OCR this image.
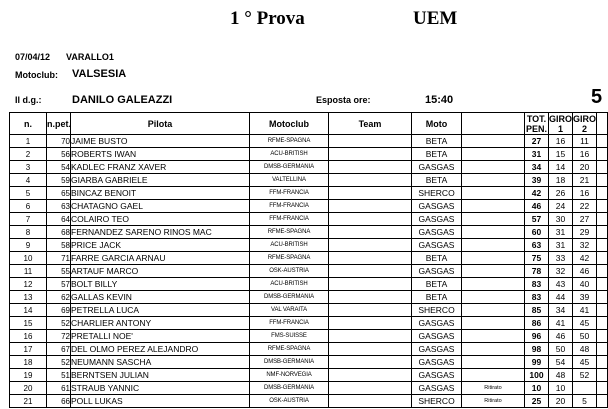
1 ° Prova	UEM
07/04/12 VARALLO1
Motoclub: VALSESIA
Il d.g.:	DANILO GALEAZZI	Esposta ore:	15:40	5
n.	n.pet.	Pilota	Motoclub	Team	Moto		TOT. PEN.	GIRO 1	GIRO 2	
1	70	JAIME BUSTO	RFME-SPAGNA		BETA		27	16	11	
2	56	ROBERTS IWAN	ACU-BRITISH		BETA		31	15	16	
3	54	KADLEC FRANZ XAVER	DMSB-GERMANIA		GASGAS		34	14	20	
4	59	GIARBA GABRIELE	VALTELLINA		BETA		39	18	21	
5	65	BINCAZ BENOIT	FFM-FRANCIA		SHERCO		42	26	16	
6	63	CHATAGNO GAEL	FFM-FRANCIA		GASGAS		46	24	22	
7	64	COLAIRO TEO	FFM-FRANCIA		GASGAS		57	30	27	
8	68	FERNANDEZ SARENO RINOS MAC	RFME-SPAGNA		GASGAS		60	31	29	
9	58	PRICE JACK	ACU-BRITISH		GASGAS		63	31	32	
10	71	FARRE GARCIA ARNAU	RFME-SPAGNA		BETA		75	33	42	
11	55	ARTAUF MARCO	OSK-AUSTRIA		GASGAS		78	32	46	
12	57	BOLT BILLY	ACU-BRITISH		BETA		83	43	40	
13	62	GALLAS KEVIN	DMSB-GERMANIA		BETA		83	44	39	
14	69	PETRELLA LUCA	VAL VARAITA		SHERCO		85	34	41	
15	52	CHARLIER ANTONY	FFM-FRANCIA		GASGAS		86	41	45	
16	72	PRETALLI NOE'	FMS-SUISSE		GASGAS		96	46	50	
17	67	DEL OLMO PEREZ ALEJANDRO	RFME-SPAGNA		GASGAS		98	50	48	
18	52	NEUMANN SASCHA	DMSB-GERMANIA		GASGAS		99	54	45	
19	51	BERNTSEN JULIAN	NMF-NORVEGIA		GASGAS		100	48	52	
20	61	STRAUB YANNIC	DMSB-GERMANIA		GASGAS	Ritirato	10	10		
21	66	POLL LUKAS	OSK-AUSTRIA		SHERCO	Ritirato	25	20	5	
